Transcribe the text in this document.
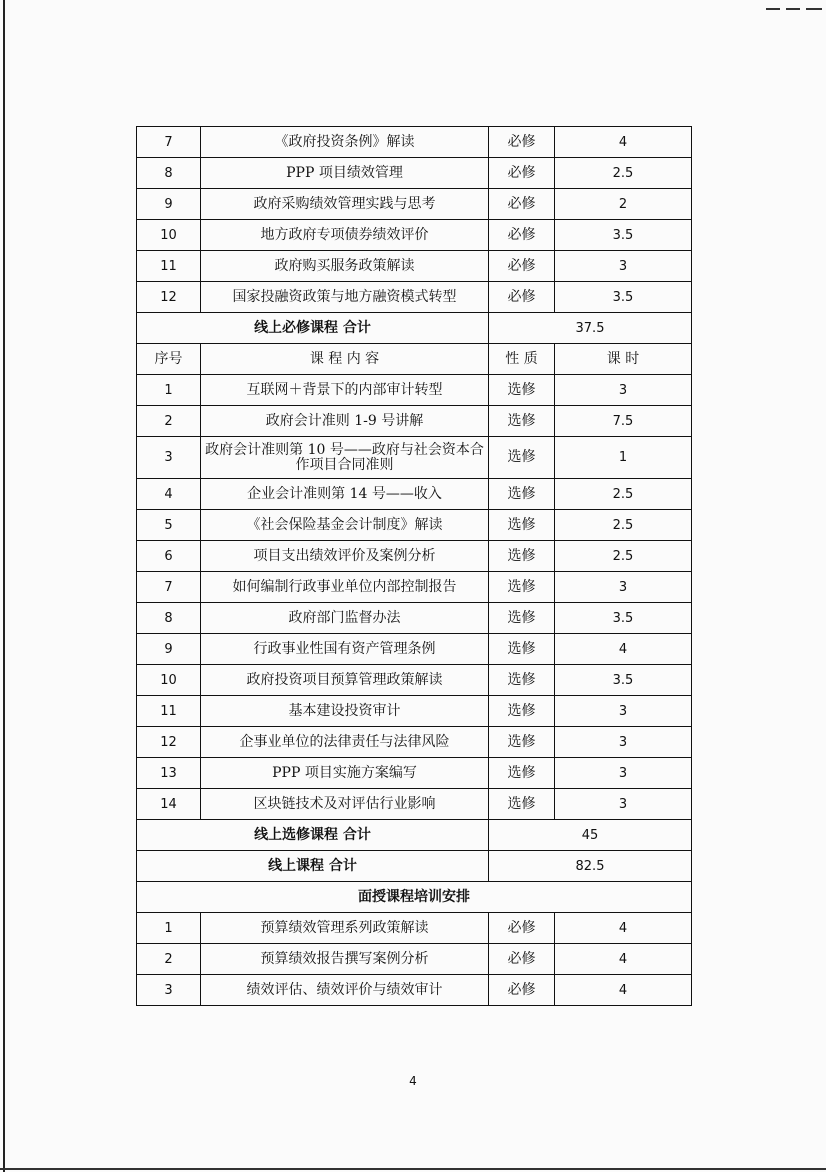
7	《政府投资条例》解读	必修	4
8	PPP 项目绩效管理	必修	2.5
9	政府采购绩效管理实践与思考	必修	2
10	地方政府专项债券绩效评价	必修	3.5
11	政府购买服务政策解读	必修	3
12	国家投融资政策与地方融资模式转型	必修	3.5
线上必修课程 合计		37.5	
序号	课 程 内 容	性 质	课 时
1	互联网＋背景下的内部审计转型	选修	3
2	政府会计准则 1-9 号讲解	选修	7.5
3	政府会计准则第 10 号——政府与社会资本合作项目合同准则	选修	1
4	企业会计准则第 14 号——收入	选修	2.5
5	《社会保险基金会计制度》解读	选修	2.5
6	项目支出绩效评价及案例分析	选修	2.5
7	如何编制行政事业单位内部控制报告	选修	3
8	政府部门监督办法	选修	3.5
9	行政事业性国有资产管理条例	选修	4
10	政府投资项目预算管理政策解读	选修	3.5
11	基本建设投资审计	选修	3
12	企事业单位的法律责任与法律风险	选修	3
13	PPP 项目实施方案编写	选修	3
14	区块链技术及对评估行业影响	选修	3
线上选修课程 合计		45	
线上课程 合计		82.5	
面授课程培训安排			
1	预算绩效管理系列政策解读	必修	4
2	预算绩效报告撰写案例分析	必修	4
3	绩效评估、绩效评价与绩效审计	必修	4
4
